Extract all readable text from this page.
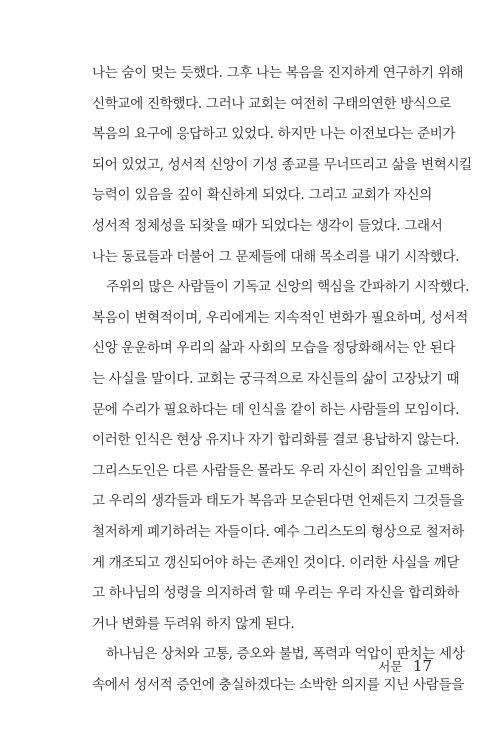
나는 숨이 멎는 듯했다. 그후 나는 복음을 진지하게 연구하기 위해
신학교에 진학했다. 그러나 교회는 여전히 구태의연한 방식으로
복음의 요구에 응답하고 있었다. 하지만 나는 이전보다는 준비가
되어 있었고, 성서적 신앙이 기성 종교를 무너뜨리고 삶을 변혁시킬
능력이 있음을 깊이 확신하게 되었다. 그리고 교회가 자신의
성서적 정체성을 되찾을 때가 되었다는 생각이 들었다. 그래서
나는 동료들과 더불어 그 문제들에 대해 목소리를 내기 시작했다.
주위의 많은 사람들이 기독교 신앙의 핵심을 간파하기 시작했다.
복음이 변혁적이며, 우리에게는 지속적인 변화가 필요하며, 성서적
신앙 운운하며 우리의 삶과 사회의 모습을 정당화해서는 안 된다
는 사실을 말이다. 교회는 궁극적으로 자신들의 삶이 고장났기 때
문에 수리가 필요하다는 데 인식을 같이 하는 사람들의 모임이다.
이러한 인식은 현상 유지나 자기 합리화를 결코 용납하지 않는다.
그리스도인은 다른 사람들은 몰라도 우리 자신이 죄인임을 고백하
고 우리의 생각들과 태도가 복음과 모순된다면 언제든지 그것들을
철저하게 폐기하려는 자들이다. 예수 그리스도의 형상으로 철저하
게 개조되고 갱신되어야 하는 존재인 것이다. 이러한 사실을 깨닫
고 하나님의 성령을 의지하려 할 때 우리는 우리 자신을 합리화하
거나 변화를 두려워 하지 않게 된다.
하나님은 상처와 고통, 증오와 불법, 폭력과 억압이 판치는 세상
속에서 성서적 증언에 충실하겠다는 소박한 의지를 지닌 사람들을
서문 17
